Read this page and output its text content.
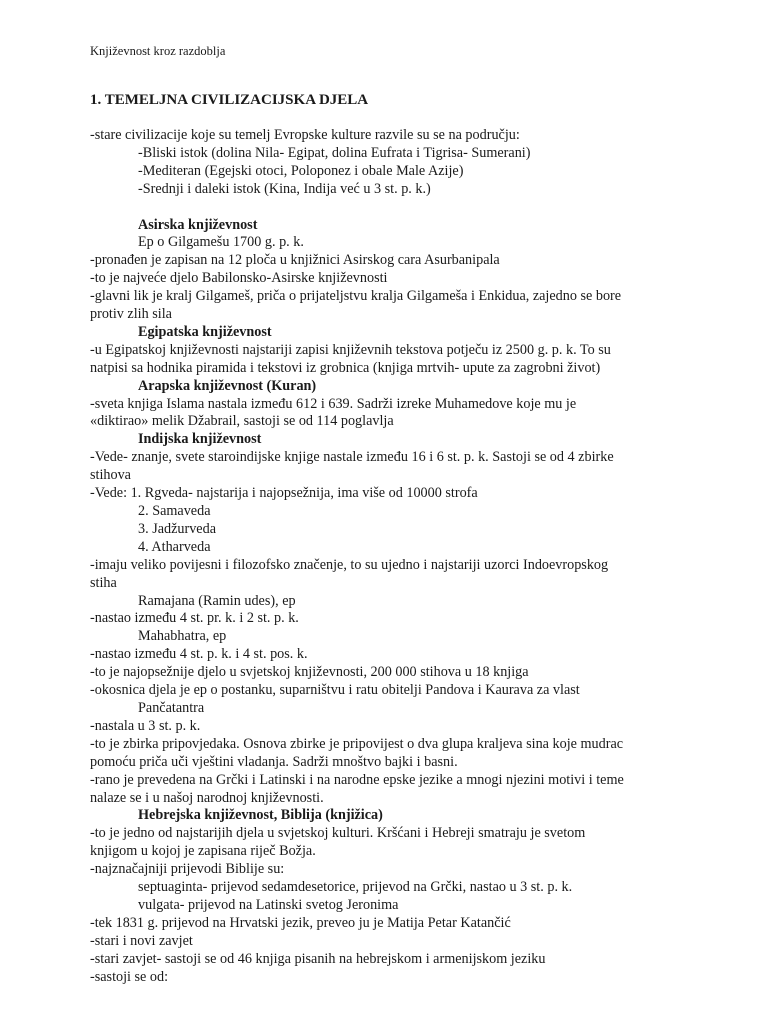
Književnost kroz razdoblja
1. TEMELJNA CIVILIZACIJSKA DJELA

-stare civilizacije koje su temelj Evropske kulture razvile su se na području:

-Bliski istok (dolina Nila- Egipat, dolina Eufrata i Tigrisa- Sumerani)

-Mediteran (Egejski otoci, Poloponez i obale Male Azije)

-Srednji i daleki istok (Kina, Indija već u 3 st. p. k.)

Asirska književnost

Ep o Gilgamešu 1700 g. p. k.

-pronađen je zapisan na 12 ploča u knjižnici Asirskog cara Asurbanipala

-to je najveće djelo Babilonsko-Asirske književnosti

-glavni lik je kralj Gilgameš, priča o prijateljstvu kralja Gilgameša i Enkidua, zajedno se bore

protiv zlih sila

Egipatska književnost

-u Egipatskoj književnosti najstariji zapisi književnih tekstova potječu iz 2500 g. p. k. To su

natpisi sa hodnika piramida i tekstovi iz grobnica (knjiga mrtvih- upute za zagrobni život)

Arapska književnost (Kuran)

-sveta knjiga Islama nastala između 612 i 639. Sadrži izreke Muhamedove koje mu je

«diktirao» melik Džabrail, sastoji se od 114 poglavlja

Indijska književnost

-Vede- znanje, svete staroindijske knjige nastale između 16 i 6 st. p. k. Sastoji se od 4 zbirke

stihova

-Vede: 1. Rgveda- najstarija i najopsežnija, ima više od 10000 strofa

2. Samaveda

3. Jadžurveda

4. Atharveda

-imaju veliko povijesni i filozofsko značenje, to su ujedno i najstariji uzorci Indoevropskog

stiha

Ramajana (Ramin udes), ep

-nastao između 4 st. pr. k. i 2 st. p. k.

Mahabhatra, ep

-nastao između 4 st. p. k. i 4 st. pos. k.

-to je najopsežnije djelo u svjetskoj književnosti, 200 000 stihova u 18 knjiga

-okosnica djela je ep o postanku, suparništvu i ratu obitelji Pandova i Kaurava za vlast

Pančatantra

-nastala u 3 st. p. k.

-to je zbirka pripovjedaka. Osnova zbirke je pripovijest o dva glupa kraljeva sina koje mudrac

pomoću priča uči vještini vladanja. Sadrži mnoštvo bajki i basni.

-rano je prevedena na Grčki i Latinski i na narodne epske jezike a mnogi njezini motivi i teme

nalaze se i u našoj narodnoj književnosti.

Hebrejska književnost, Biblija (knjižica)

-to je jedno od najstarijih djela u svjetskoj kulturi. Kršćani i Hebreji smatraju je svetom

knjigom u kojoj je zapisana riječ Božja.

-najznačajniji prijevodi Biblije su:

septuaginta- prijevod sedamdesetorice, prijevod na Grčki, nastao u 3 st. p. k.

vulgata- prijevod na Latinski svetog Jeronima

-tek 1831 g. prijevod na Hrvatski jezik, preveo ju je Matija Petar Katančić

-stari i novi zavjet

-stari zavjet- sastoji se od 46 knjiga pisanih na hebrejskom i armenijskom jeziku

-sastoji se od:
